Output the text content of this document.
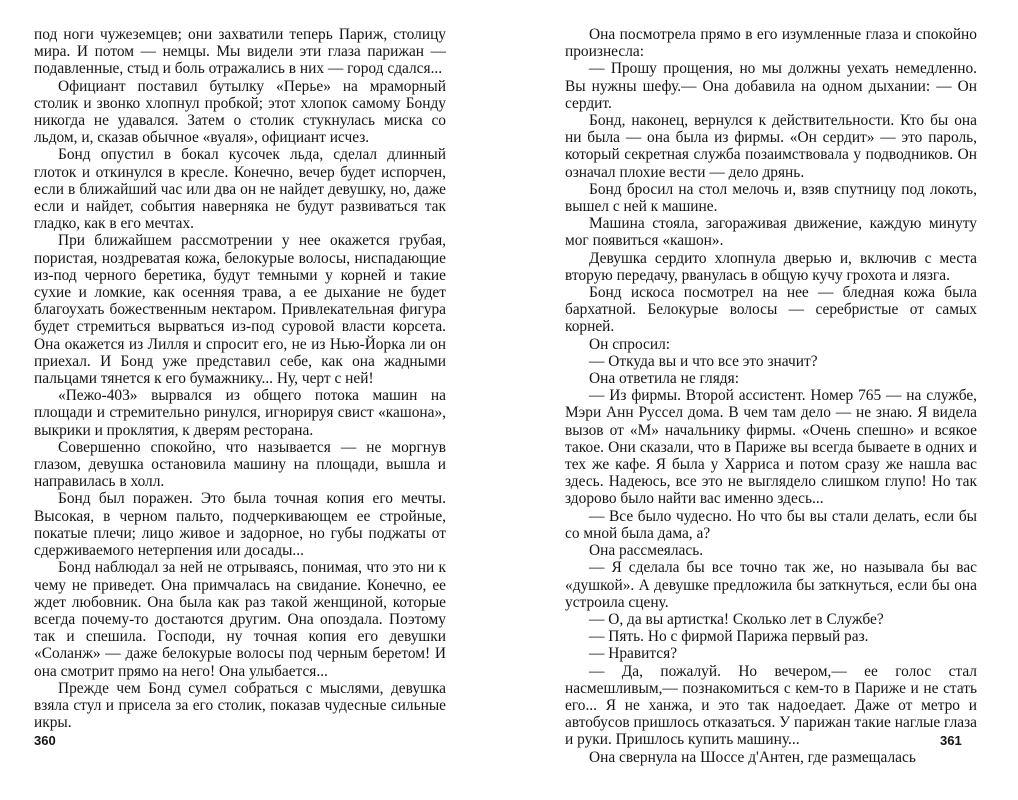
под ноги чужеземцев; они захватили теперь Париж, столицу мира. И потом — немцы. Мы видели эти глаза парижан — подавленные, стыд и боль отражались в них — город сдался...

Официант поставил бутылку «Перье» на мраморный столик и звонко хлопнул пробкой; этот хлопок самому Бонду никогда не удавался. Затем о столик стукнулась миска со льдом, и, сказав обычное «вуаля», официант исчез.

Бонд опустил в бокал кусочек льда, сделал длинный глоток и откинулся в кресле. Конечно, вечер будет испорчен, если в ближайший час или два он не найдет девушку, но, даже если и найдет, события наверняка не будут развиваться так гладко, как в его мечтах.

При ближайшем рассмотрении у нее окажется грубая, пористая, ноздреватая кожа, белокурые волосы, ниспадающие из-под черного беретика, будут темными у корней и такие сухие и ломкие, как осенняя трава, а ее дыхание не будет благоухать божественным нектаром. Привлекательная фигура будет стремиться вырваться из-под суровой власти корсета. Она окажется из Лилля и спросит его, не из Нью-Йорка ли он приехал. И Бонд уже представил себе, как она жадными пальцами тянется к его бумажнику... Ну, черт с ней!

«Пежо-403» вырвался из общего потока машин на площади и стремительно ринулся, игнорируя свист «кашона», выкрики и проклятия, к дверям ресторана.

Совершенно спокойно, что называется — не моргнув глазом, девушка остановила машину на площади, вышла и направилась в холл.

Бонд был поражен. Это была точная копия его мечты. Высокая, в черном пальто, подчеркивающем ее стройные, покатые плечи; лицо живое и задорное, но губы поджаты от сдерживаемого нетерпения или досады...

Бонд наблюдал за ней не отрываясь, понимая, что это ни к чему не приведет. Она примчалась на свидание. Конечно, ее ждет любовник. Она была как раз такой женщиной, которые всегда почему-то достаются другим. Она опоздала. Поэтому так и спешила. Господи, ну точная копия его девушки «Соланж» — даже белокурые волосы под черным беретом! И она смотрит прямо на него! Она улыбается...

Прежде чем Бонд сумел собраться с мыслями, девушка взяла стул и присела за его столик, показав чудесные сильные икры.

Она посмотрела прямо в его изумленные глаза и спокойно произнесла:

— Прошу прощения, но мы должны уехать немедленно. Вы нужны шефу.— Она добавила на одном дыхании: — Он сердит.

Бонд, наконец, вернулся к действительности. Кто бы она ни была — она была из фирмы. «Он сердит» — это пароль, который секретная служба позаимствовала у подводников. Он означал плохие вести — дело дрянь.

Бонд бросил на стол мелочь и, взяв спутницу под локоть, вышел с ней к машине.

Машина стояла, загораживая движение, каждую минуту мог появиться «кашон».

Девушка сердито хлопнула дверью и, включив с места вторую передачу, рванулась в общую кучу грохота и лязга.

Бонд искоса посмотрел на нее — бледная кожа была бархатной. Белокурые волосы — серебристые от самых корней.

Он спросил:

— Откуда вы и что все это значит?

Она ответила не глядя:

— Из фирмы. Второй ассистент. Номер 765 — на службе, Мэри Анн Руссел дома. В чем там дело — не знаю. Я видела вызов от «М» начальнику фирмы. «Очень спешно» и всякое такое. Они сказали, что в Париже вы всегда бываете в одних и тех же кафе. Я была у Харриса и потом сразу же нашла вас здесь. Надеюсь, все это не выглядело слишком глупо! Но так здорово было найти вас именно здесь...

— Все было чудесно. Но что бы вы стали делать, если бы со мной была дама, а?

Она рассмеялась.

— Я сделала бы все точно так же, но называла бы вас «душкой». А девушке предложила бы заткнуться, если бы она устроила сцену.

— О, да вы артистка! Сколько лет в Службе?

— Пять. Но с фирмой Парижа первый раз.

— Нравится?

— Да, пожалуй. Но вечером,— ее голос стал насмешливым,— познакомиться с кем-то в Париже и не стать его... Я не ханжа, и это так надоедает. Даже от метро и автобусов пришлось отказаться. У парижан такие наглые глаза и руки. Пришлось купить машину...

Она свернула на Шоссе д'Антен, где размещалась

360	361
